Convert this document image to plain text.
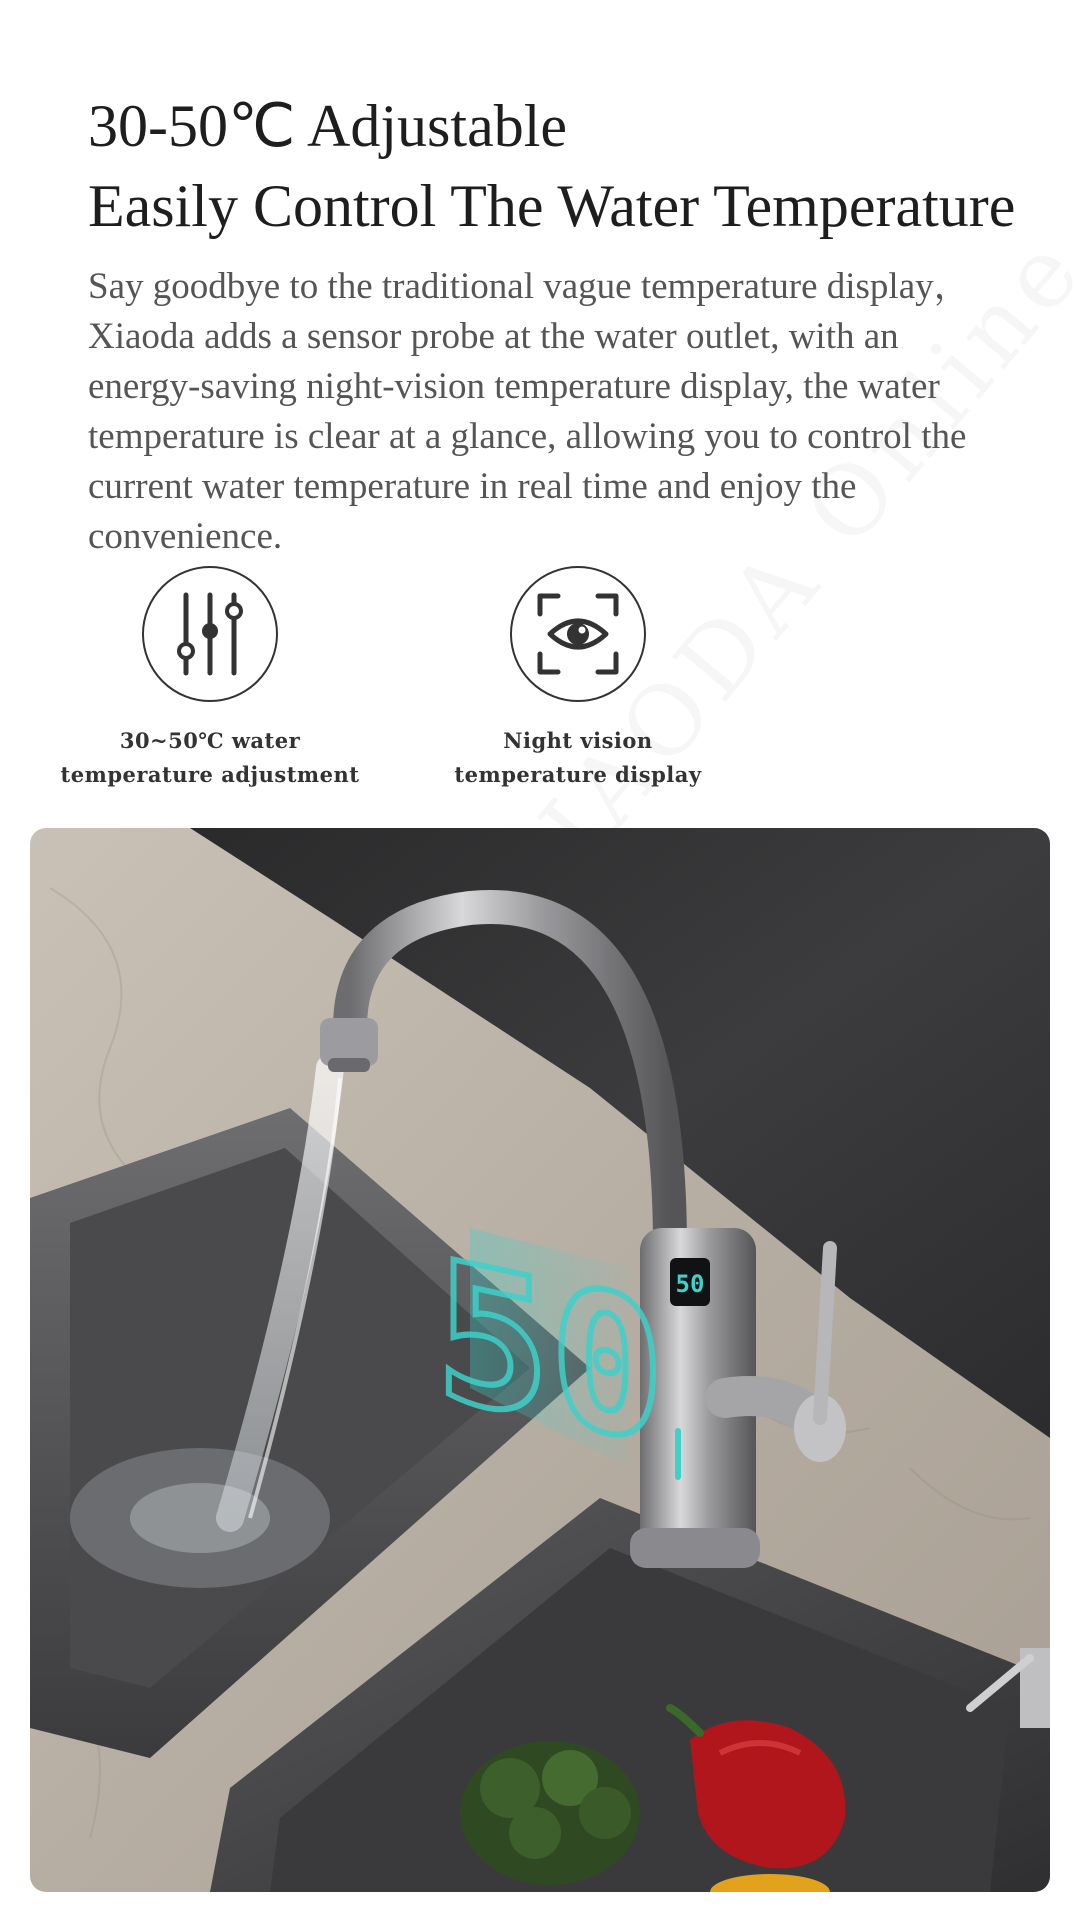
30-50℃ Adjustable
Easily Control The Water Temperature

Say goodbye to the traditional vague temperature display，Xiaoda adds a sensor probe at the water outlet, with an energy-saving night-vision temperature display, the water temperature is clear at a glance, allowing you to control the current water temperature in real time and enjoy the convenience.

30~50℃ water
temperature adjustment
Night vision
temperature display
50
50
